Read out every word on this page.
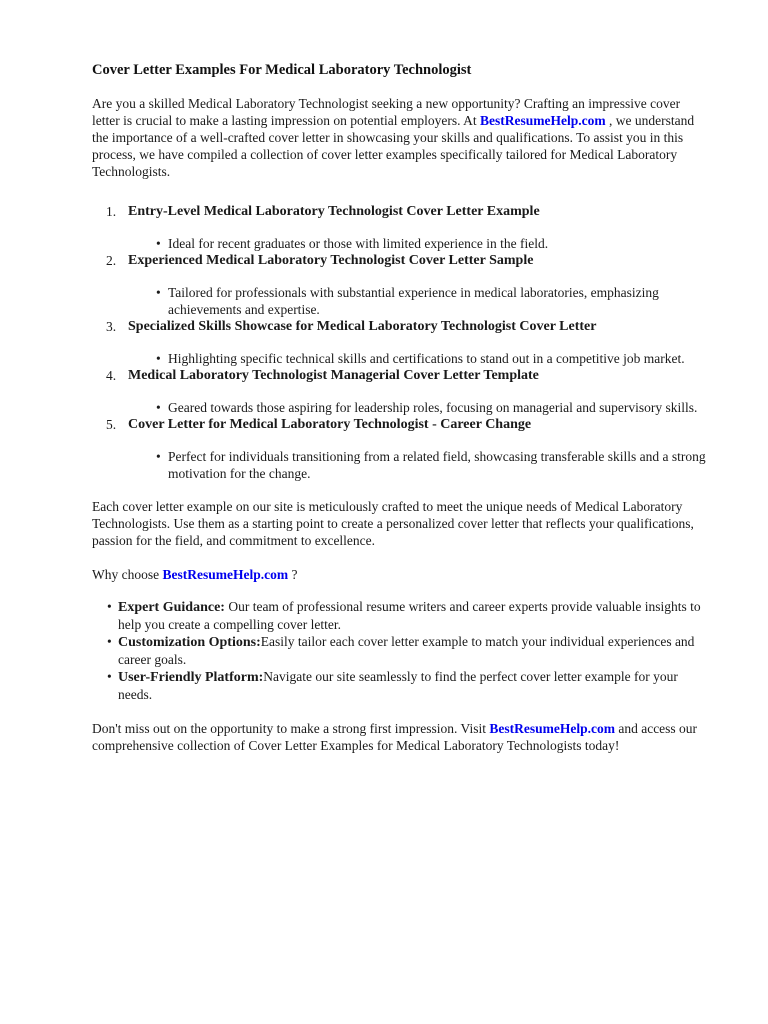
Cover Letter Examples For Medical Laboratory Technologist

Are you a skilled Medical Laboratory Technologist seeking a new opportunity? Crafting an impressive cover letter is crucial to make a lasting impression on potential employers. At BestResumeHelp.com , we understand the importance of a well-crafted cover letter in showcasing your skills and qualifications. To assist you in this process, we have compiled a collection of cover letter examples specifically tailored for Medical Laboratory Technologists.

1. Entry-Level Medical Laboratory Technologist Cover Letter Example
• Ideal for recent graduates or those with limited experience in the field.
2. Experienced Medical Laboratory Technologist Cover Letter Sample
• Tailored for professionals with substantial experience in medical laboratories, emphasizing achievements and expertise.
3. Specialized Skills Showcase for Medical Laboratory Technologist Cover Letter
• Highlighting specific technical skills and certifications to stand out in a competitive job market.
4. Medical Laboratory Technologist Managerial Cover Letter Template
• Geared towards those aspiring for leadership roles, focusing on managerial and supervisory skills.
5. Cover Letter for Medical Laboratory Technologist - Career Change
• Perfect for individuals transitioning from a related field, showcasing transferable skills and a strong motivation for the change.

Each cover letter example on our site is meticulously crafted to meet the unique needs of Medical Laboratory Technologists. Use them as a starting point to create a personalized cover letter that reflects your qualifications, passion for the field, and commitment to excellence.

Why choose BestResumeHelp.com ?

• Expert Guidance: Our team of professional resume writers and career experts provide valuable insights to help you create a compelling cover letter.
• Customization Options:Easily tailor each cover letter example to match your individual experiences and career goals.
• User-Friendly Platform:Navigate our site seamlessly to find the perfect cover letter example for your needs.

Don't miss out on the opportunity to make a strong first impression. Visit BestResumeHelp.com and access our comprehensive collection of Cover Letter Examples for Medical Laboratory Technologists today!
